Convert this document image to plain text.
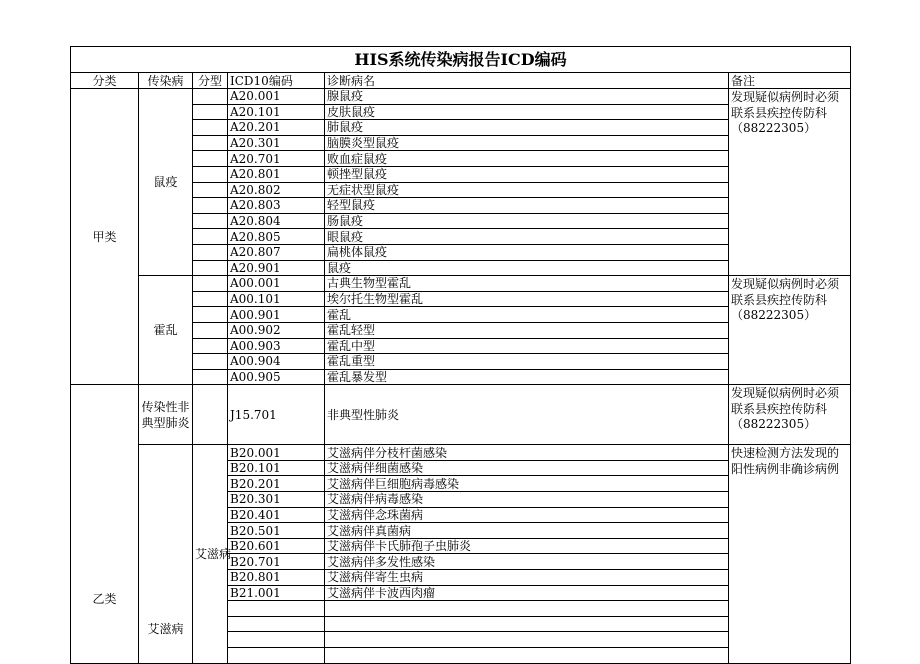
HIS系统传染病报告ICD编码					
分类	传染病	分型	ICD10编码	诊断病名	备注
甲类	鼠疫		A20.001	腺鼠疫	发现疑似病例时必须联系县疾控传防科（88222305）
			A20.101	皮肤鼠疫	
			A20.201	肺鼠疫	
			A20.301	脑膜炎型鼠疫	
			A20.701	败血症鼠疫	
			A20.801	顿挫型鼠疫	
			A20.802	无症状型鼠疫	
			A20.803	轻型鼠疫	
			A20.804	肠鼠疫	
			A20.805	眼鼠疫	
			A20.807	扁桃体鼠疫	
			A20.901	鼠疫	
	霍乱		A00.001	古典生物型霍乱	发现疑似病例时必须联系县疾控传防科（88222305）
			A00.101	埃尔托生物型霍乱	
			A00.901	霍乱	
			A00.902	霍乱轻型	
			A00.903	霍乱中型	
			A00.904	霍乱重型	
			A00.905	霍乱暴发型	
乙类	传染性非典型肺炎		J15.701	非典型性肺炎	发现疑似病例时必须联系县疾控传防科（88222305）
	艾滋病	艾滋病	B20.001	艾滋病伴分枝杆菌感染	快速检测方法发现的阳性病例非确诊病例
			B20.101	艾滋病伴细菌感染	
			B20.201	艾滋病伴巨细胞病毒感染	
			B20.301	艾滋病伴病毒感染	
			B20.401	艾滋病伴念珠菌病	
			B20.501	艾滋病伴真菌病	
			B20.601	艾滋病伴卡氏肺孢子虫肺炎	
			B20.701	艾滋病伴多发性感染	
			B20.801	艾滋病伴寄生虫病	
			B21.001	艾滋病伴卡波西肉瘤	
